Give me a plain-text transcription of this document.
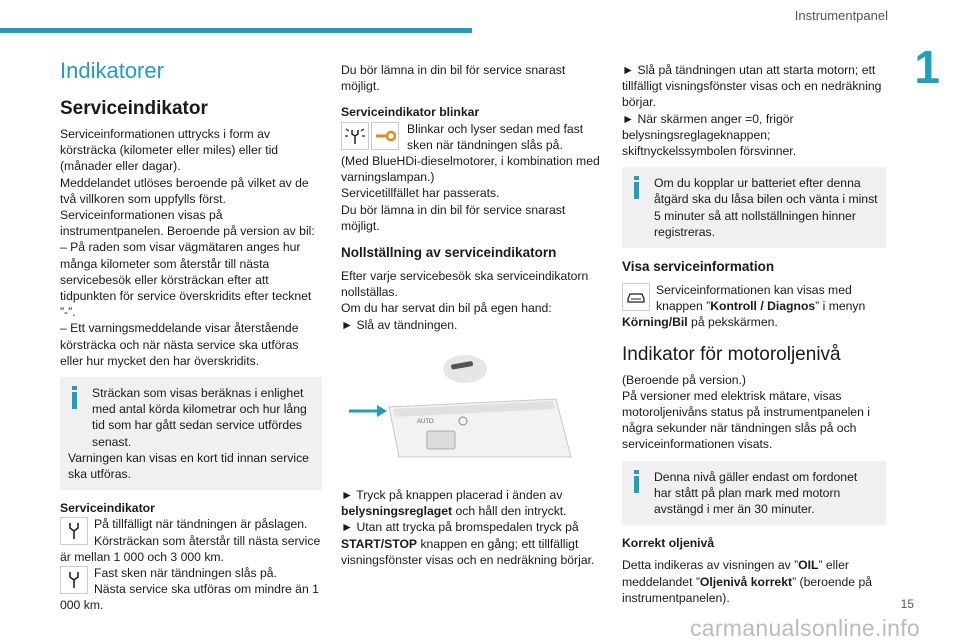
Instrumentpanel
1

Indikatorer

Serviceindikator

Serviceinformationen uttrycks i form av körsträcka (kilometer eller miles) eller tid (månader eller dagar).

Meddelandet utlöses beroende på vilket av de två villkoren som uppfylls först.

Serviceinformationen visas på instrumentpanelen. Beroende på version av bil:

– På raden som visar vägmätaren anges hur många kilometer som återstår till nästa servicebesök eller körsträckan efter att tidpunkten för service överskridits efter tecknet ”-”.

– Ett varningsmeddelande visar återstående körsträcka och när nästa service ska utföras eller hur mycket den har överskridits.

Sträckan som visas beräknas i enlighet med antal körda kilometrar och hur lång tid som har gått sedan service utfördes senast.

Varningen kan visas en kort tid innan service ska utföras.

Serviceindikator

På tillfälligt när tändningen är påslagen.

Körsträckan som återstår till nästa service är mellan 1 000 och 3 000 km.

Fast sken när tändningen slås på.

Nästa service ska utföras om mindre än 1 000 km.

Du bör lämna in din bil för service snarast möjligt.

Serviceindikator blinkar

Blinkar och lyser sedan med fast sken när tändningen slås på.

(Med BlueHDi-dieselmotorer, i kombination med varningslampan.)

Servicetillfället har passerats.

Du bör lämna in din bil för service snarast möjligt.

Nollställning av serviceindikatorn

Efter varje servicebesök ska serviceindikatorn nollställas.

Om du har servat din bil på egen hand:

► Slå av tändningen.

AUTO

► Tryck på knappen placerad i änden av belysningsreglaget och håll den intryckt.

► Utan att trycka på bromspedalen tryck på START/STOP knappen en gång; ett tillfälligt visningsfönster visas och en nedräkning börjar.

► Slå på tändningen utan att starta motorn; ett tillfälligt visningsfönster visas och en nedräkning börjar.

► När skärmen anger =0, frigör belysningsreglageknappen; skiftnyckelssymbolen försvinner.

Om du kopplar ur batteriet efter denna åtgärd ska du låsa bilen och vänta i minst 5 minuter så att nollställningen hinner registreras.

Visa serviceinformation

Serviceinformationen kan visas med knappen ”Kontroll / Diagnos” i menyn Körning/Bil på pekskärmen.

Indikator för motoroljenivå

(Beroende på version.)

På versioner med elektrisk mätare, visas motoroljenivåns status på instrumentpanelen i några sekunder när tändningen slås på och serviceinformationen visats.

Denna nivå gäller endast om fordonet har stått på plan mark med motorn avstängd i mer än 30 minuter.

Korrekt oljenivå

Detta indikeras av visningen av ”OIL” eller meddelandet ”Oljenivå korrekt” (beroende på instrumentpanelen).

carmanualsonline.info
15
